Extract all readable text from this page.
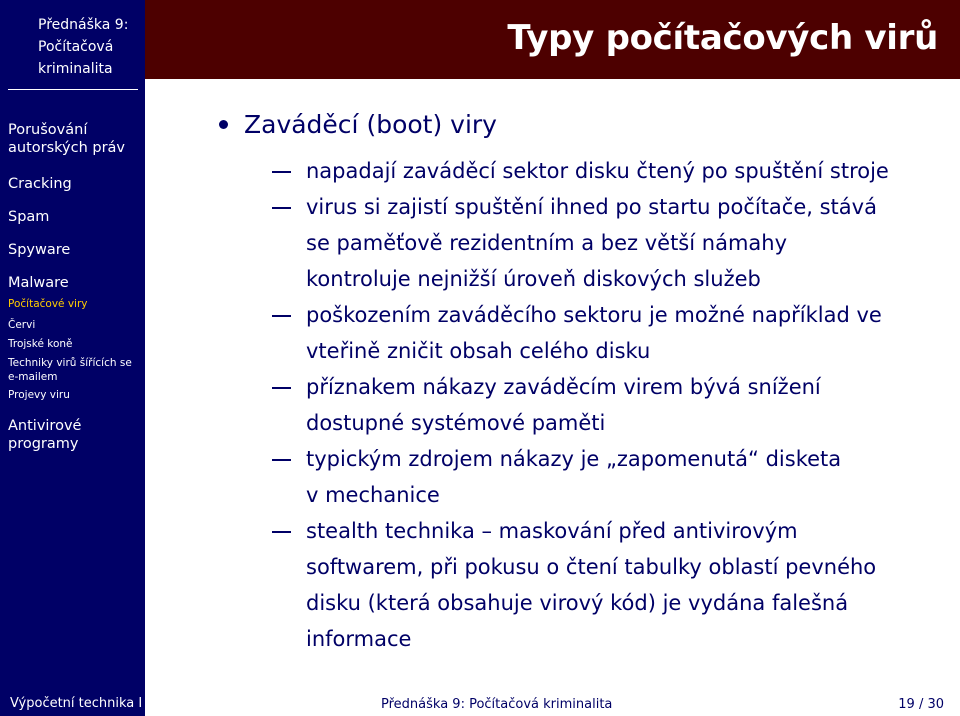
Přednáška 9:
Počítačová
kriminalita
Porušování
autorských práv
Cracking
Spam
Spyware
Malware
Počítačové viry
Červi
Trojské koně
Techniky virů šířících se
e-mailem
Projevy viru
Antivirové programy
Typy počítačových virů
Zaváděcí (boot) viry
napadají zaváděcí sektor disku čtený po spuštění stroje
virus si zajistí spuštění ihned po startu počítače, stává
se paměťově rezidentním a bez větší námahy
kontroluje nejnižší úroveň diskových služeb
poškozením zaváděcího sektoru je možné například ve
vteřině zničit obsah celého disku
příznakem nákazy zaváděcím virem bývá snížení
dostupné systémové paměti
typickým zdrojem nákazy je „zapomenutá“ disketa
v mechanice
stealth technika – maskování před antivirovým
softwarem, při pokusu o čtení tabulky oblastí pevného
disku (která obsahuje virový kód) je vydána falešná
informace
Výpočetní technika I	Přednáška 9: Počítačová kriminalita	19 / 30
